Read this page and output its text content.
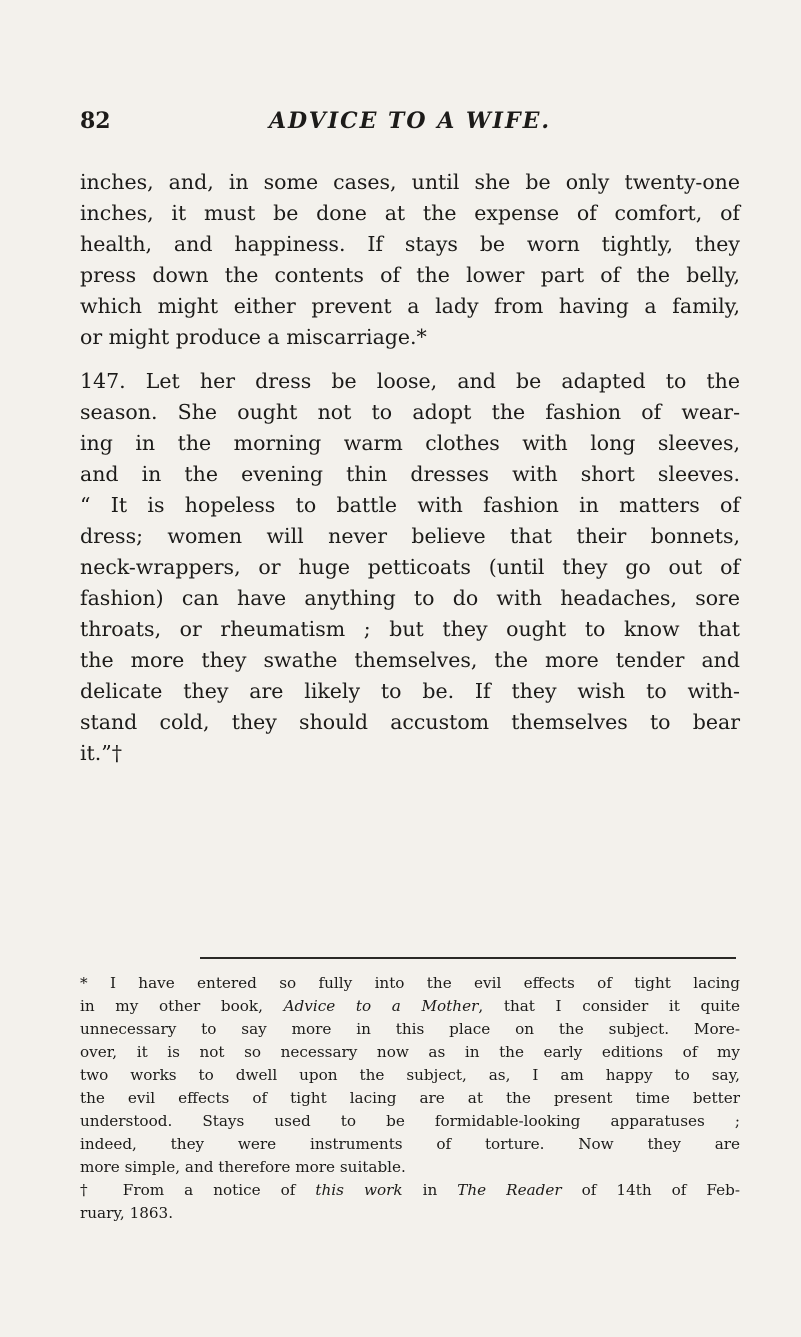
82	ADVICE TO A WIFE.
inches, and, in some cases, until she be only twenty-one
inches, it must be done at the expense of comfort, of
health, and happiness. If stays be worn tightly, they
press down the contents of the lower part of the belly,
which might either prevent a lady from having a family,
or might produce a miscarriage.*
147. Let her dress be loose, and be adapted to the
season. She ought not to adopt the fashion of wear-
ing in the morning warm clothes with long sleeves,
and in the evening thin dresses with short sleeves.
“ It is hopeless to battle with fashion in matters of
dress; women will never believe that their bonnets,
neck-wrappers, or huge petticoats (until they go out of
fashion) can have anything to do with headaches, sore
throats, or rheumatism ; but they ought to know that
the more they swathe themselves, the more tender and
delicate they are likely to be. If they wish to with-
stand cold, they should accustom themselves to bear
it.”†
* I have entered so fully into the evil effects of tight lacing
in my other book, Advice to a Mother, that I consider it quite
unnecessary to say more in this place on the subject. More-
over, it is not so necessary now as in the early editions of my
two works to dwell upon the subject, as, I am happy to say,
the evil effects of tight lacing are at the present time better
understood. Stays used to be formidable-looking apparatuses ;
indeed, they were instruments of torture. Now they are
more simple, and therefore more suitable.
† From a notice of this work in The Reader of 14th of Feb-
ruary, 1863.
